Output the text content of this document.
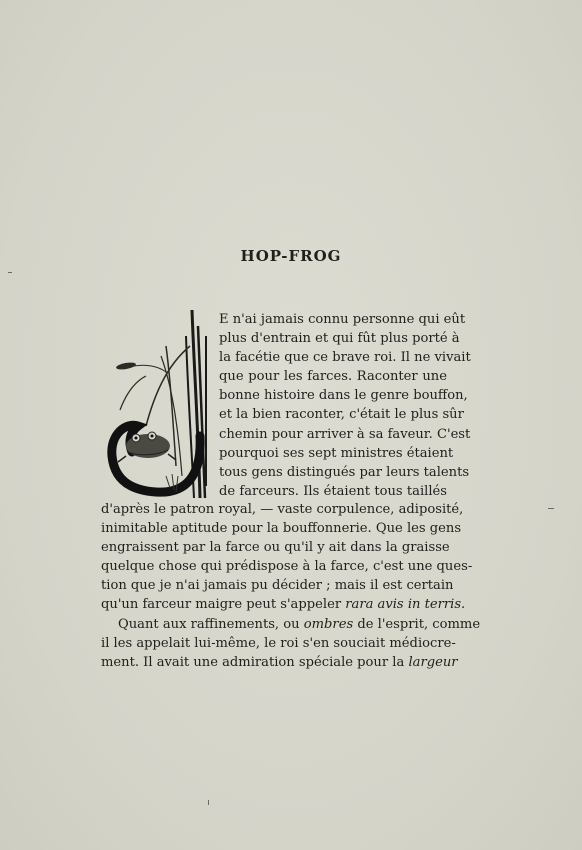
HOP-FROG
E n'ai jamais connu personne qui eût
plus d'entrain et qui fût plus porté à
la facétie que ce brave roi. Il ne vivait
que pour les farces. Raconter une
bonne histoire dans le genre bouffon,
et la bien raconter, c'était le plus sûr
chemin pour arriver à sa faveur. C'est
pourquoi ses sept ministres étaient
tous gens distingués par leurs talents
de farceurs. Ils étaient tous taillés
d'après le patron royal, — vaste corpulence, adiposité,
inimitable aptitude pour la bouffonnerie. Que les gens
engraissent par la farce ou qu'il y ait dans la graisse
quelque chose qui prédispose à la farce, c'est une ques-
tion que je n'ai jamais pu décider ; mais il est certain
qu'un farceur maigre peut s'appeler rara avis in terris.
Quant aux raffinements, ou ombres de l'esprit, comme
il les appelait lui-même, le roi s'en souciait médiocre-
ment. Il avait une admiration spéciale pour la largeur
